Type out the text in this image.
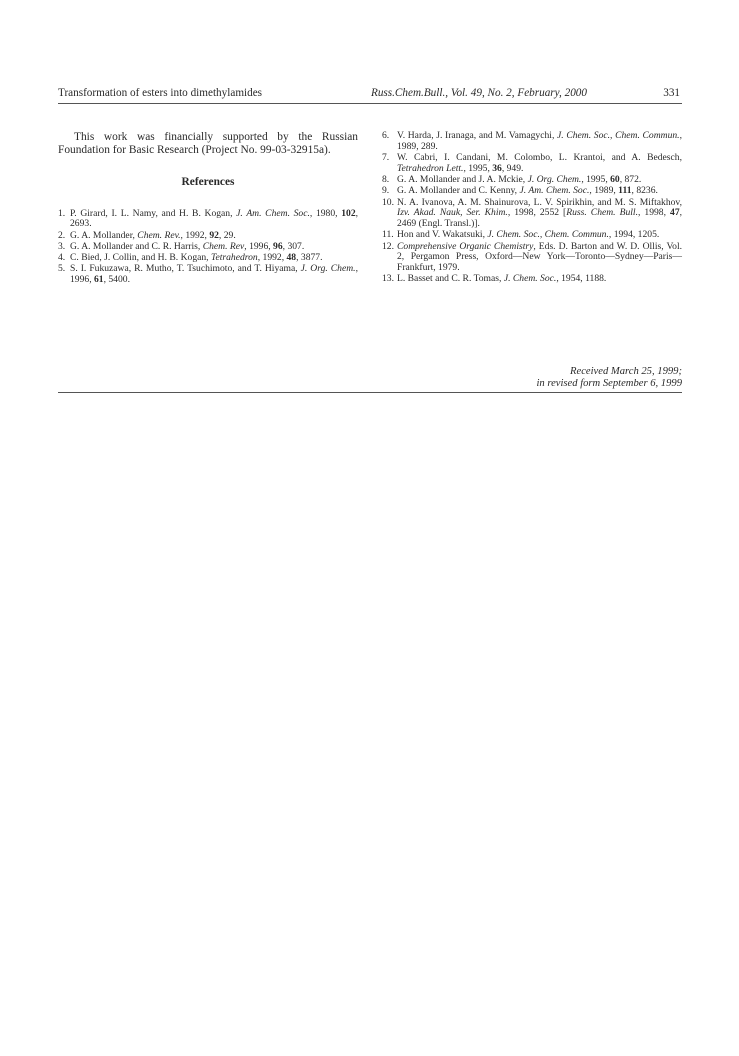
Transformation of esters into dimethylamides	Russ.Chem.Bull., Vol. 49, No. 2, February, 2000	331

This work was financially supported by the Russian Foundation for Basic Research (Project No. 99-03-32915a).

References
1. P. Girard, I. L. Namy, and H. B. Kogan, J. Am. Chem. Soc., 1980, 102, 2693.
2. G. A. Mollander, Chem. Rev., 1992, 92, 29.
3. G. A. Mollander and C. R. Harris, Chem. Rev, 1996, 96, 307.
4. C. Bied, J. Collin, and H. B. Kogan, Tetrahedron, 1992, 48, 3877.
5. S. I. Fukuzawa, R. Mutho, T. Tsuchimoto, and T. Hiyama, J. Org. Chem., 1996, 61, 5400.
6. V. Harda, J. Iranaga, and M. Vamagychi, J. Chem. Soc., Chem. Commun., 1989, 289.
7. W. Cabri, I. Candani, M. Colombo, L. Krantoi, and A. Bedesch, Tetrahedron Lett., 1995, 36, 949.
8. G. A. Mollander and J. A. Mckie, J. Org. Chem., 1995, 60, 872.
9. G. A. Mollander and C. Kenny, J. Am. Chem. Soc., 1989, 111, 8236.
10. N. A. Ivanova, A. M. Shainurova, L. V. Spirikhin, and M. S. Miftakhov, Izv. Akad. Nauk, Ser. Khim., 1998, 2552 [Russ. Chem. Bull., 1998, 47, 2469 (Engl. Transl.)].
11. Hon and V. Wakatsuki, J. Chem. Soc., Chem. Commun., 1994, 1205.
12. Comprehensive Organic Chemistry, Eds. D. Barton and W. D. Ollis, Vol. 2, Pergamon Press, Oxford—New York—Toronto—Sydney—Paris—Frankfurt, 1979.
13. L. Basset and C. R. Tomas, J. Chem. Soc., 1954, 1188.
Received March 25, 1999;
in revised form September 6, 1999
